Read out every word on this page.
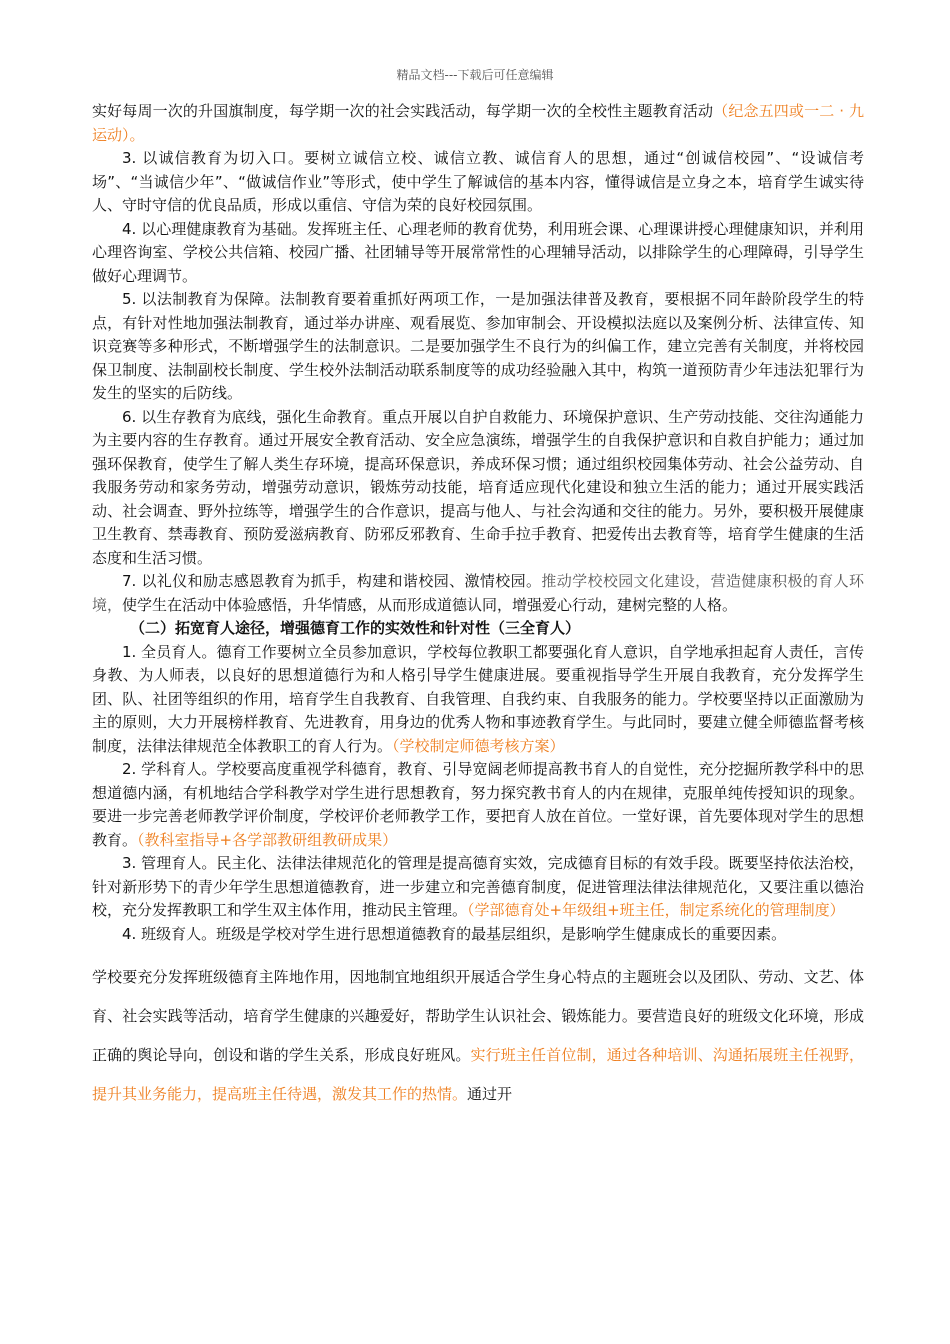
精品文档---下载后可任意编辑

实好每周一次的升国旗制度，每学期一次的社会实践活动，每学期一次的全校性主题教育活动（纪念五四或一二 · 九运动）。

3. 以诚信教育为切入口。要树立诚信立校、诚信立教、诚信育人的思想，通过“创诚信校园”、“设诚信考场”、“当诚信少年”、“做诚信作业”等形式，使中学生了解诚信的基本内容，懂得诚信是立身之本，培育学生诚实待人、守时守信的优良品质，形成以重信、守信为荣的良好校园氛围。

4. 以心理健康教育为基础。发挥班主任、心理老师的教育优势，利用班会课、心理课讲授心理健康知识，并利用心理咨询室、学校公共信箱、校园广播、社团辅导等开展常常性的心理辅导活动，以排除学生的心理障碍，引导学生做好心理调节。

5. 以法制教育为保障。法制教育要着重抓好两项工作，一是加强法律普及教育，要根据不同年龄阶段学生的特点，有针对性地加强法制教育，通过举办讲座、观看展览、参加审制会、开设模拟法庭以及案例分析、法律宣传、知识竞赛等多种形式，不断增强学生的法制意识。二是要加强学生不良行为的纠偏工作，建立完善有关制度，并将校园保卫制度、法制副校长制度、学生校外法制活动联系制度等的成功经验融入其中，构筑一道预防青少年违法犯罪行为发生的坚实的后防线。

6. 以生存教育为底线，强化生命教育。重点开展以自护自救能力、环境保护意识、生产劳动技能、交往沟通能力为主要内容的生存教育。通过开展安全教育活动、安全应急演练，增强学生的自我保护意识和自救自护能力；通过加强环保教育，使学生了解人类生存环境，提高环保意识，养成环保习惯；通过组织校园集体劳动、社会公益劳动、自我服务劳动和家务劳动，增强劳动意识，锻炼劳动技能，培育适应现代化建设和独立生活的能力；通过开展实践活动、社会调查、野外拉练等，增强学生的合作意识，提高与他人、与社会沟通和交往的能力。另外，要积极开展健康卫生教育、禁毒教育、预防爱滋病教育、防邪反邪教育、生命手拉手教育、把爱传出去教育等，培育学生健康的生活态度和生活习惯。

7. 以礼仪和励志感恩教育为抓手，构建和谐校园、激情校园。推动学校校园文化建设，营造健康积极的育人环境，使学生在活动中体验感悟，升华情感，从而形成道德认同，增强爱心行动，建树完整的人格。

（二）拓宽育人途径，增强德育工作的实效性和针对性（三全育人）

1. 全员育人。德育工作要树立全员参加意识，学校每位教职工都要强化育人意识，自学地承担起育人责任，言传身教、为人师表，以良好的思想道德行为和人格引导学生健康进展。要重视指导学生开展自我教育，充分发挥学生团、队、社团等组织的作用，培育学生自我教育、自我管理、自我约束、自我服务的能力。学校要坚持以正面激励为主的原则，大力开展榜样教育、先进教育，用身边的优秀人物和事迹教育学生。与此同时，要建立健全师德监督考核制度，法律法律规范全体教职工的育人行为。（学校制定师德考核方案）

2. 学科育人。学校要高度重视学科德育，教育、引导宽阔老师提高教书育人的自觉性，充分挖掘所教学科中的思想道德内涵，有机地结合学科教学对学生进行思想教育，努力探究教书育人的内在规律，克服单纯传授知识的现象。要进一步完善老师教学评价制度，学校评价老师教学工作，要把育人放在首位。一堂好课，首先要体现对学生的思想教育。（教科室指导+各学部教研组教研成果）

3. 管理育人。民主化、法律法律规范化的管理是提高德育实效，完成德育目标的有效手段。既要坚持依法治校，针对新形势下的青少年学生思想道德教育，进一步建立和完善德育制度，促进管理法律法律规范化，又要注重以德治校，充分发挥教职工和学生双主体作用，推动民主管理。（学部德育处+年级组+班主任，制定系统化的管理制度）

4. 班级育人。班级是学校对学生进行思想道德教育的最基层组织，是影响学生健康成长的重要因素。

学校要充分发挥班级德育主阵地作用，因地制宜地组织开展适合学生身心特点的主题班会以及团队、劳动、文艺、体育、社会实践等活动，培育学生健康的兴趣爱好，帮助学生认识社会、锻炼能力。要营造良好的班级文化环境，形成正确的舆论导向，创设和谐的学生关系，形成良好班风。实行班主任首位制，通过各种培训、沟通拓展班主任视野，提升其业务能力，提高班主任待遇，激发其工作的热情。通过开
